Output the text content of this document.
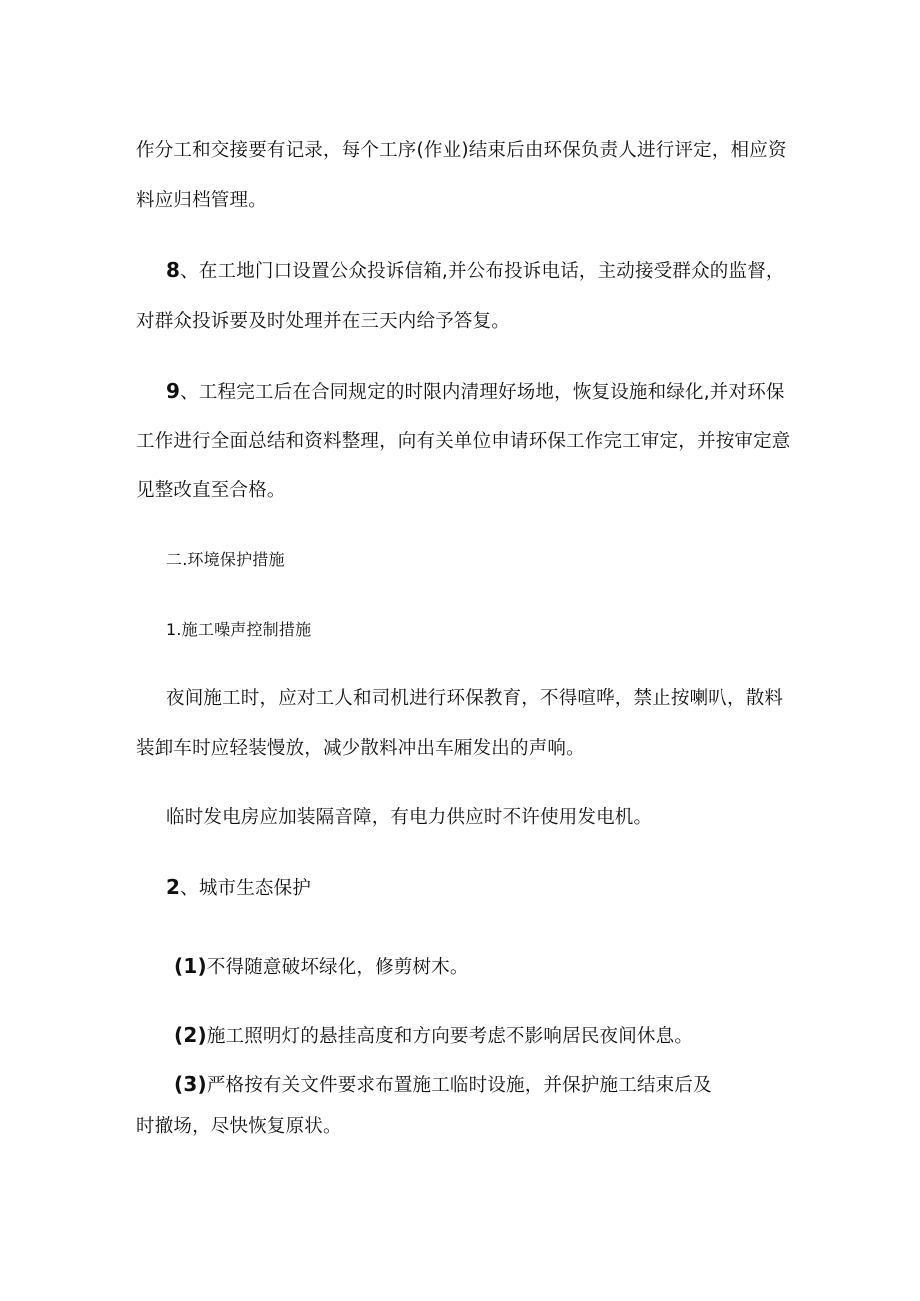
作分工和交接要有记录，每个工序(作业)结束后由环保负责人进行评定，相应资
料应归档管理。
8、在工地门口设置公众投诉信箱,并公布投诉电话，主动接受群众的监督，
对群众投诉要及时处理并在三天内给予答复。
9、工程完工后在合同规定的时限内清理好场地，恢复设施和绿化,并对环保
工作进行全面总结和资料整理，向有关单位申请环保工作完工审定，并按审定意
见整改直至合格。
二.环境保护措施
1.施工噪声控制措施
夜间施工时，应对工人和司机进行环保教育，不得喧哗，禁止按喇叭，散料
装卸车时应轻装慢放，减少散料冲出车厢发出的声响。
临时发电房应加装隔音障，有电力供应时不许使用发电机。
2、城市生态保护
(1)不得随意破坏绿化，修剪树木。
(2)施工照明灯的悬挂高度和方向要考虑不影响居民夜间休息。
(3)严格按有关文件要求布置施工临时设施，并保护施工结束后及
时撤场，尽快恢复原状。
